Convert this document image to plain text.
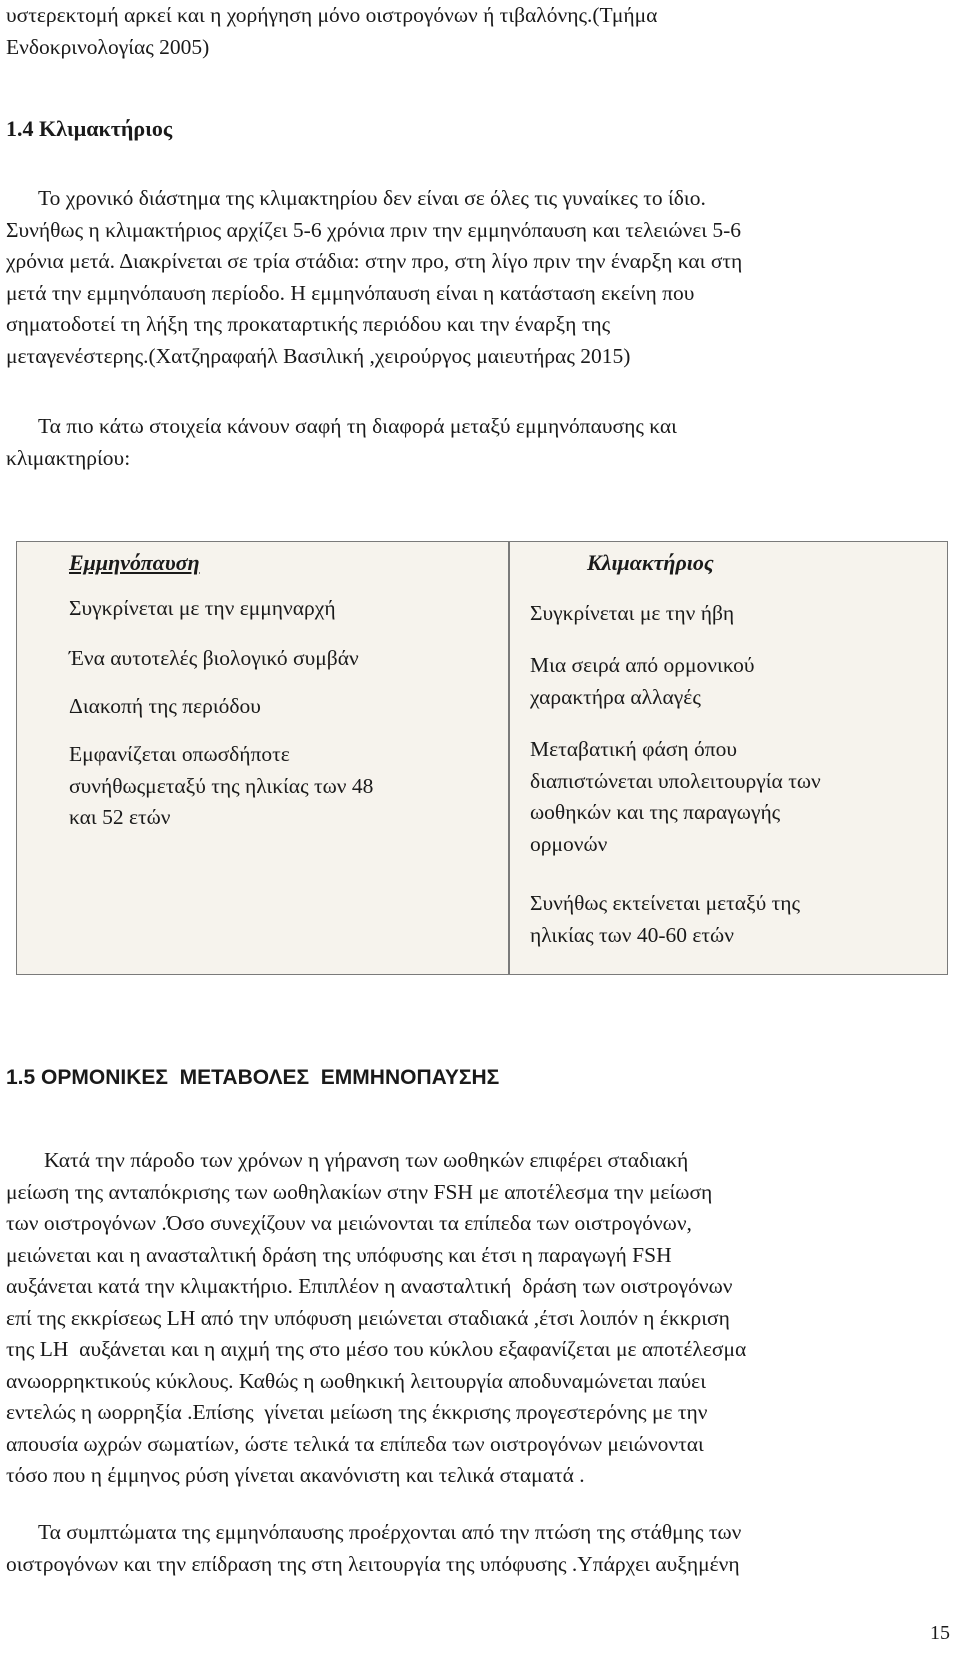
υστερεκτομή αρκεί και η χορήγηση μόνο οιστρογόνων ή τιβαλόνης.(Τμήμα
Ενδοκρινολογίας 2005)

1.4 Κλιμακτήριος

Το χρονικό διάστημα της κλιμακτηρίου δεν είναι σε όλες τις γυναίκες το ίδιο.
Συνήθως η κλιμακτήριος αρχίζει 5-6 χρόνια πριν την εμμηνόπαυση και τελειώνει 5-6
χρόνια μετά. Διακρίνεται σε τρία στάδια: στην προ, στη λίγο πριν την έναρξη και στη
μετά την εμμηνόπαυση περίοδο. Η εμμηνόπαυση είναι η κατάσταση εκείνη που
σηματοδοτεί τη λήξη της προκαταρτικής περιόδου και την έναρξη της
μεταγενέστερης.(Χατζηραφαήλ Βασιλική ,χειρούργος μαιευτήρας 2015)

Τα πιο κάτω στοιχεία κάνουν σαφή τη διαφορά μεταξύ εμμηνόπαυσης και
κλιμακτηρίου:

Εμμηνόπαυση
Συγκρίνεται με την εμμηναρχή
Ένα αυτοτελές βιολογικό συμβάν
Διακοπή της περιόδου
Εμφανίζεται οπωσδήποτε
συνήθωςμεταξύ της ηλικίας των 48
και 52 ετών
Κλιμακτήριος
Συγκρίνεται με την ήβη
Μια σειρά από ορμονικού
χαρακτήρα αλλαγές
Μεταβατική φάση όπου
διαπιστώνεται υπολειτουργία των
ωοθηκών και της παραγωγής
ορμονών
Συνήθως εκτείνεται μεταξύ της
ηλικίας των 40-60 ετών
1.5 ΟΡΜΟΝΙΚΕΣ  ΜΕΤΑΒΟΛΕΣ  ΕΜΜΗΝΟΠΑΥΣΗΣ

Κατά την πάροδο των χρόνων η γήρανση των ωοθηκών επιφέρει σταδιακή
μείωση της ανταπόκρισης των ωοθηλακίων στην FSH με αποτέλεσμα την μείωση
των οιστρογόνων .Όσο συνεχίζουν να μειώνονται τα επίπεδα των οιστρογόνων,
μειώνεται και η ανασταλτική δράση της υπόφυσης και έτσι η παραγωγή FSH
αυξάνεται κατά την κλιμακτήριο. Επιπλέον η ανασταλτική  δράση των οιστρογόνων
επί της εκκρίσεως LH από την υπόφυση μειώνεται σταδιακά ,έτσι λοιπόν η έκκριση
της LH  αυξάνεται και η αιχμή της στο μέσο του κύκλου εξαφανίζεται με αποτέλεσμα
ανωορρηκτικούς κύκλους. Καθώς η ωοθηκική λειτουργία αποδυναμώνεται παύει
εντελώς η ωορρηξία .Επίσης  γίνεται μείωση της έκκρισης προγεστερόνης με την
απουσία ωχρών σωματίων, ώστε τελικά τα επίπεδα των οιστρογόνων μειώνονται
τόσο που η έμμηνος ρύση γίνεται ακανόνιστη και τελικά σταματά .

Τα συμπτώματα της εμμηνόπαυσης προέρχονται από την πτώση της στάθμης των
οιστρογόνων και την επίδραση της στη λειτουργία της υπόφυσης .Υπάρχει αυξημένη

15
